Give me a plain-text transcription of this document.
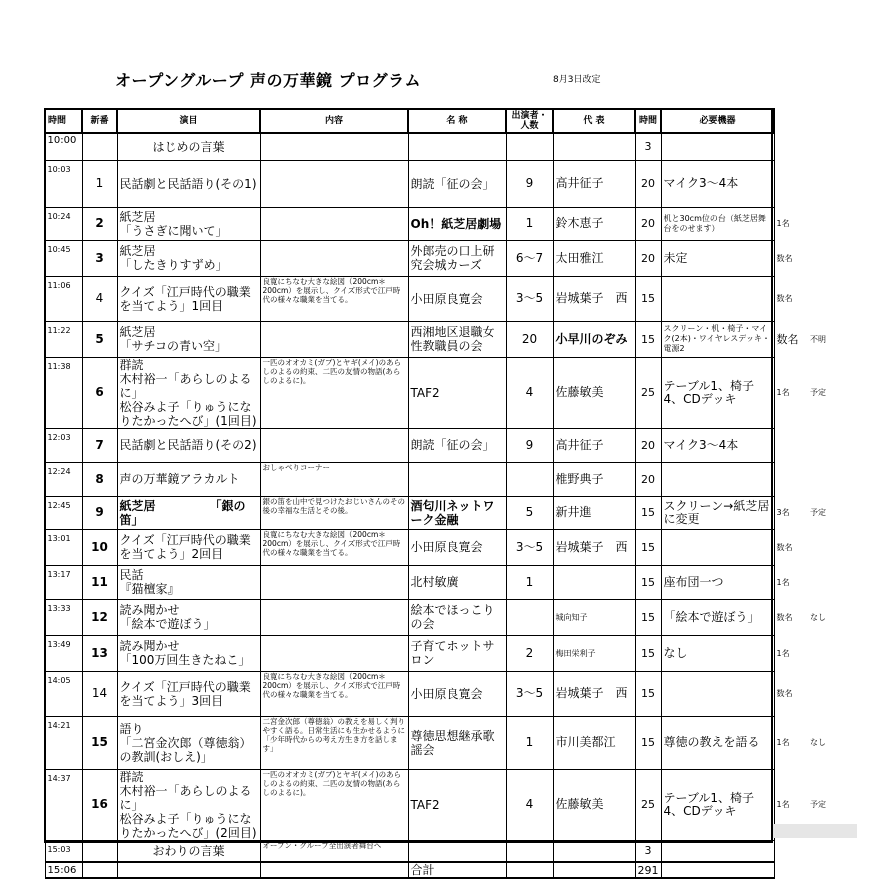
オープングループ 声の万華鏡 プログラム	8月3日改定
時間	新番	演目	内容	名 称	出演者・人数	代 表	時間	必要機器		
10:00		はじめの言葉					3			
10:03	1	民話劇と民話語り(その1)		朗読「征の会」	9	高井征子	20	マイク3～4本		
10:24	2	紙芝居
「うさぎに聞いて」		Oh！紙芝居劇場	1	鈴木恵子	20	机と30cm位の台（紙芝居舞台をのせます）	1名	
10:45	3	紙芝居
「したきりすずめ」		外郎売の口上研究会城カーズ	6～7	太田雅江	20	未定	数名	
11:06	4	クイズ「江戸時代の職業を当てよう」1回目	良寛にちなむ大きな絵図（200cm＊200cm）を展示し、クイズ形式で江戸時代の様々な職業を当てる。	小田原良寛会	3～5	岩城葉子　西	15		数名	
11:22	5	紙芝居
「サチコの青い空」		西湘地区退職女性教職員の会	20	小早川のぞみ	15	スクリーン・机・椅子・マイク(2本)・ワイヤレスデッキ・電源2	数名	不明
11:38	6	群読
木村裕一「あらしのよるに」
松谷みよ子「りゅうになりたかったへび」(1回目)	一匹のオオカミ(ガブ)とヤギ(メイ)のあらしのよるの約束、二匹の友情の物語(あらしのよるに)。	TAF2	4	佐藤敏美	25	テーブル1、椅子4、CDデッキ	1名	予定
12:03	7	民話劇と民話語り(その2)		朗読「征の会」	9	高井征子	20	マイク3～4本		
12:24	8	声の万華鏡アラカルト	おしゃべりコーナー			椎野典子	20			
12:45	9	紙芝居　　　　　「銀の笛」	銀の笛を山中で見つけたおじいさんのその後の幸福な生活とその後。	酒匂川ネットワーク金融	5	新井進	15	スクリーン→紙芝居に変更	3名	予定
13:01	10	クイズ「江戸時代の職業を当てよう」2回目	良寛にちなむ大きな絵図（200cm＊200cm）を展示し、クイズ形式で江戸時代の様々な職業を当てる。	小田原良寛会	3～5	岩城葉子　西	15		数名	
13:17	11	民話
『猫檀家』		北村敏廣	1		15	座布団一つ	1名	
13:33	12	読み聞かせ
「絵本で遊ぼう」		絵本でほっこりの会		城向知子	15	「絵本で遊ぼう」	数名	なし
13:49	13	読み聞かせ
「100万回生きたねこ」		子育てホットサロン	2	梅田栄利子	15	なし	1名	
14:05	14	クイズ「江戸時代の職業を当てよう」3回目	良寛にちなむ大きな絵図（200cm＊200cm）を展示し、クイズ形式で江戸時代の様々な職業を当てる。	小田原良寛会	3～5	岩城葉子　西	15		数名	
14:21	15	語り
「二宮金次郎（尊徳翁）の教訓(おしえ)」	二宮金次郎（尊徳翁）の教えを易しく判りやすく語る。日常生活にも生かせるように「少年時代からの考え方生き方を話します」	尊徳思想継承歌謡会	1	市川美都江	15	尊徳の教えを語る	1名	なし
14:37	16	群読
木村裕一「あらしのよるに」
松谷みよ子「りゅうになりたかったへび」(2回目)	一匹のオオカミ(ガブ)とヤギ(メイ)のあらしのよるの約束、二匹の友情の物語(あらしのよるに)。	TAF2	4	佐藤敏美	25	テーブル1、椅子4、CDデッキ	1名	予定
15:03		おわりの言葉	オープン・グループ全出演者舞台へ				3			
15:06				合計			291			
